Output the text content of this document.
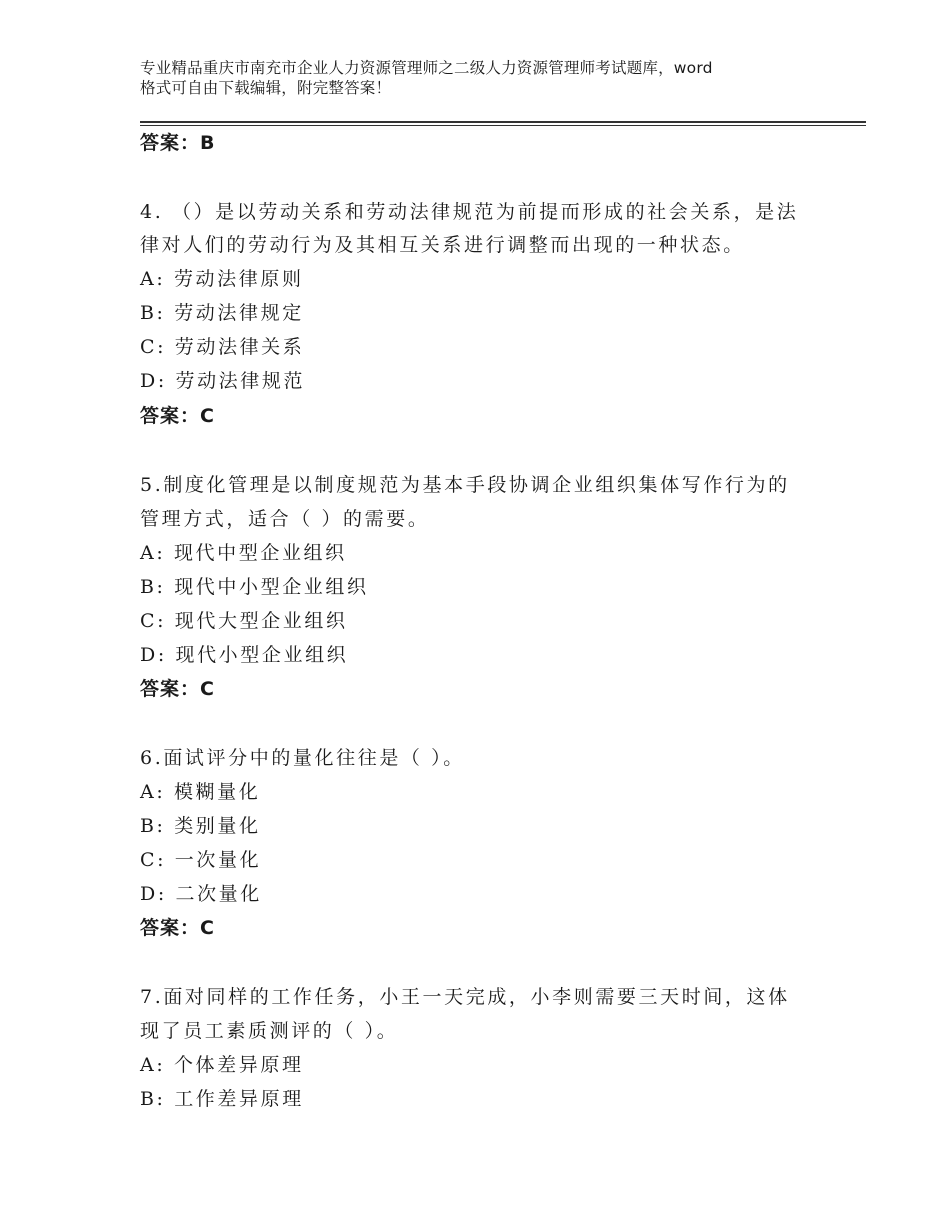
专业精品重庆市南充市企业人力资源管理师之二级人力资源管理师考试题库，word
格式可自由下载编辑，附完整答案！
答案：B
4. （）是以劳动关系和劳动法律规范为前提而形成的社会关系，是法
律对人们的劳动行为及其相互关系进行调整而出现的一种状态。
A: 劳动法律原则
B: 劳动法律规定
C: 劳动法律关系
D: 劳动法律规范
答案：C
5.制度化管理是以制度规范为基本手段协调企业组织集体写作行为的
管理方式，适合（ ）的需要。
A: 现代中型企业组织
B: 现代中小型企业组织
C: 现代大型企业组织
D: 现代小型企业组织
答案：C
6.面试评分中的量化往往是（ ）。
A: 模糊量化
B: 类别量化
C: 一次量化
D: 二次量化
答案：C
7.面对同样的工作任务，小王一天完成，小李则需要三天时间，这体
现了员工素质测评的（ ）。
A: 个体差异原理
B: 工作差异原理
